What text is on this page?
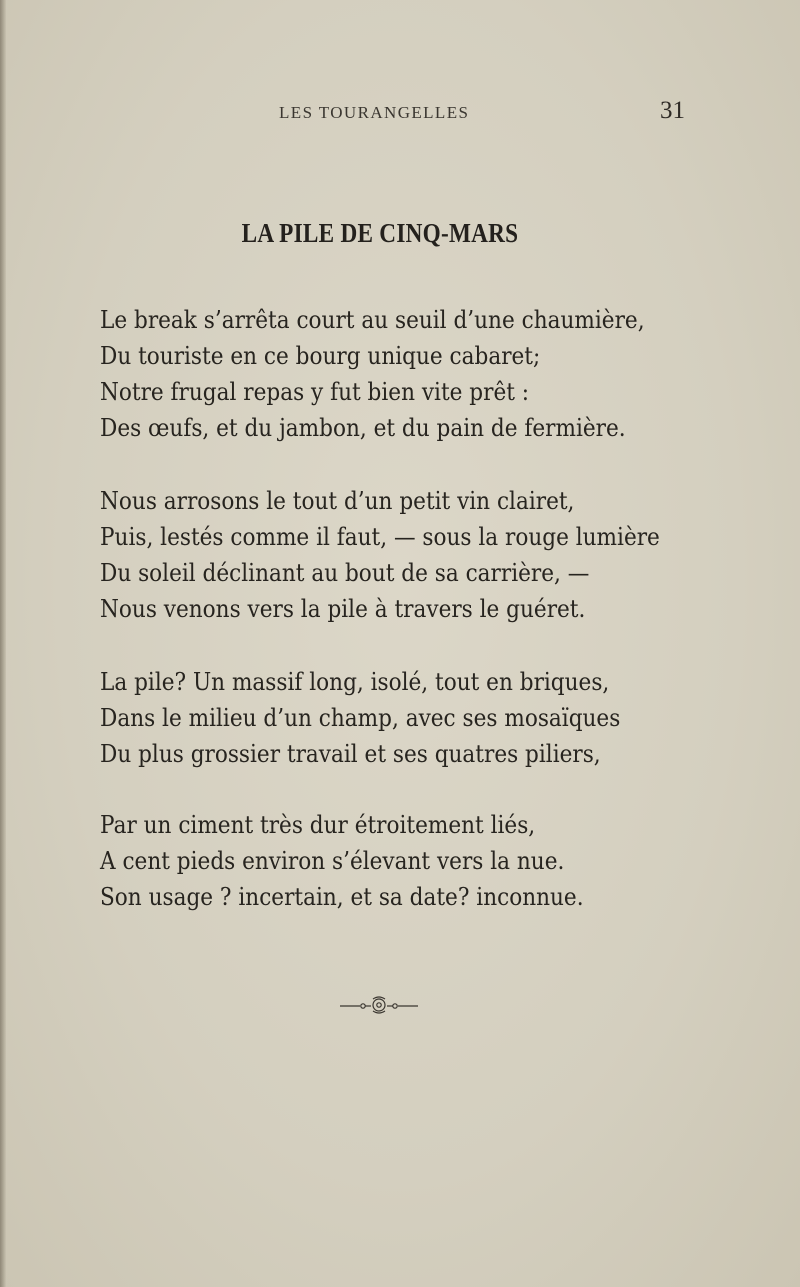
LES TOURANGELLES	31
LA PILE DE CINQ-MARS
Le break s’arrêta court au seuil d’une chaumière,
Du touriste en ce bourg unique cabaret;
Notre frugal repas y fut bien vite prêt :
Des œufs, et du jambon, et du pain de fermière.
Nous arrosons le tout d’un petit vin clairet,
Puis, lestés comme il faut, — sous la rouge lumière
Du soleil déclinant au bout de sa carrière, —
Nous venons vers la pile à travers le guéret.
La pile? Un massif long, isolé, tout en briques,
Dans le milieu d’un champ, avec ses mosaïques
Du plus grossier travail et ses quatres piliers,
Par un ciment très dur étroitement liés,
A cent pieds environ s’élevant vers la nue.
Son usage ? incertain, et sa date? inconnue.
